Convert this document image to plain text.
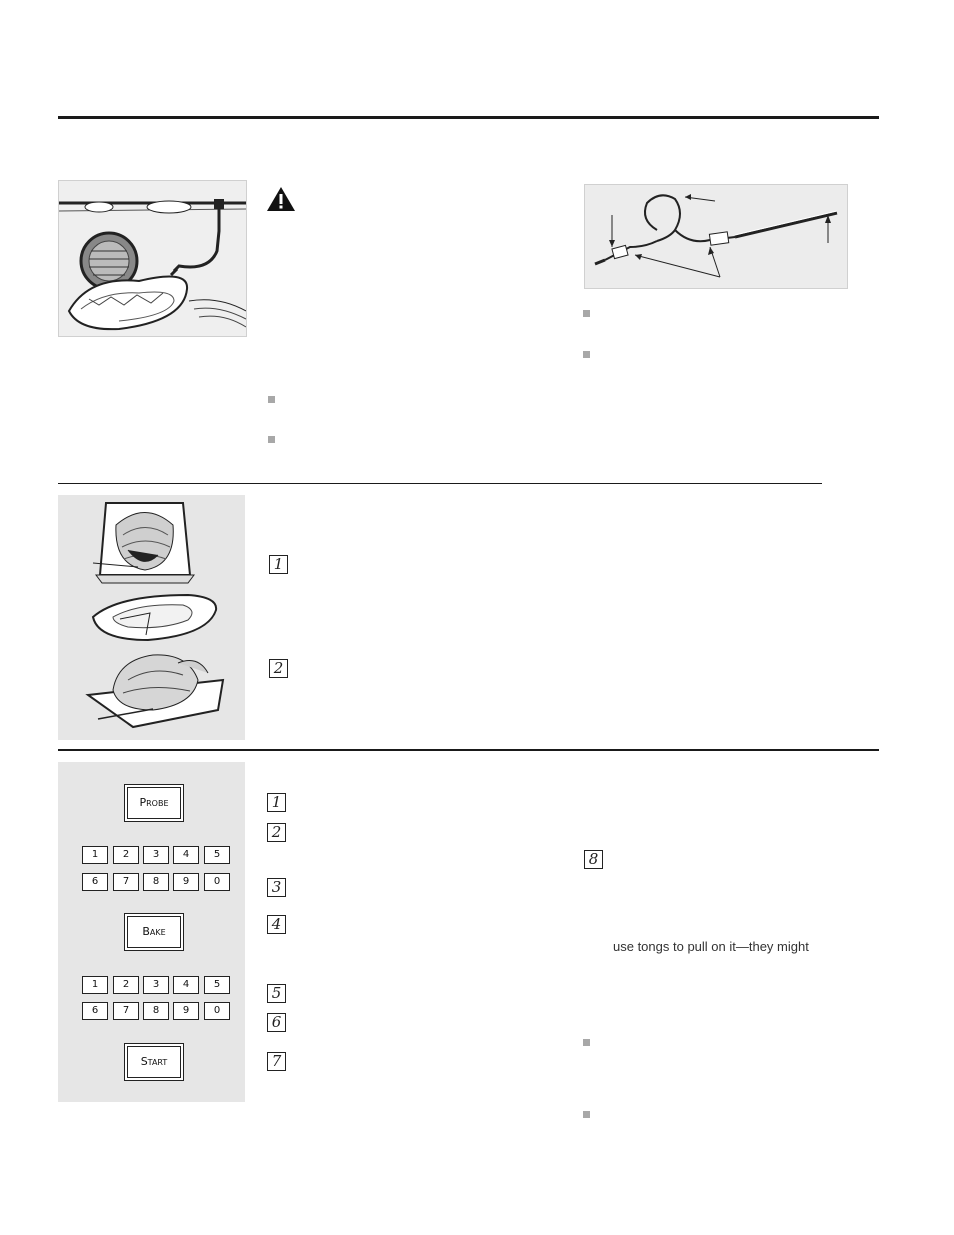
1
2
Probe
1	2	3	4	5
6	7	8	9	0
Bake
1	2	3	4	5
6	7	8	9	0
Start
1
2
3
4
5
6
7
8
use tongs to pull on it—they might
